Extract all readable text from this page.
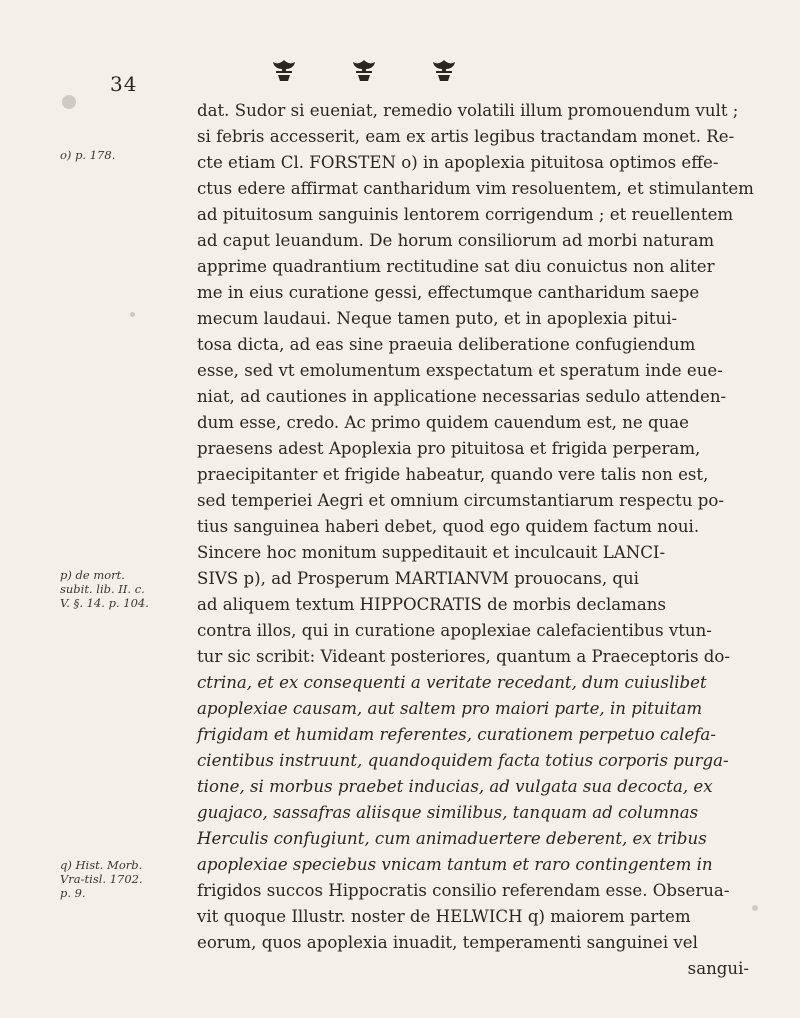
34
o) p. 178.
p) de mort. subit. lib. II. c. V. §. 14. p. 104.
q) Hist. Morb. Vra-tisl. 1702. p. 9.
dat. Sudor si eueniat, remedio volatili illum promouendum vult ;
si febris accesserit, eam ex artis legibus tractandam monet. Re-
cte etiam Cl. FORSTEN o) in apoplexia pituitosa optimos effe-
ctus edere affirmat cantharidum vim resoluentem, et stimulantem
ad pituitosum sanguinis lentorem corrigendum ; et reuellentem
ad caput leuandum. De horum consiliorum ad morbi naturam
apprime quadrantium rectitudine sat diu conuictus non aliter
me in eius curatione gessi, effectumque cantharidum saepe
mecum laudaui. Neque tamen puto, et in apoplexia pitui-
tosa dicta, ad eas sine praeuia deliberatione confugiendum
esse, sed vt emolumentum exspectatum et speratum inde eue-
niat, ad cautiones in applicatione necessarias sedulo attenden-
dum esse, credo. Ac primo quidem cauendum est, ne quae
praesens adest Apoplexia pro pituitosa et frigida perperam,
praecipitanter et frigide habeatur, quando vere talis non est,
sed temperiei Aegri et omnium circumstantiarum respectu po-
tius sanguinea haberi debet, quod ego quidem factum noui.
Sincere hoc monitum suppeditauit et inculcauit LANCI-
SIVS p), ad Prosperum MARTIANVM prouocans, qui
ad aliquem textum HIPPOCRATIS de morbis declamans
contra illos, qui in curatione apoplexiae calefacientibus vtun-
tur sic scribit: Videant posteriores, quantum a Praeceptoris do-
ctrina, et ex consequenti a veritate recedant, dum cuiuslibet
apoplexiae causam, aut saltem pro maiori parte, in pituitam
frigidam et humidam referentes, curationem perpetuo calefa-
cientibus instruunt, quandoquidem facta totius corporis purga-
tione, si morbus praebet inducias, ad vulgata sua decocta, ex
guajaco, sassafras aliisque similibus, tanquam ad columnas
Herculis confugiunt, cum animaduertere deberent, ex tribus
apoplexiae speciebus vnicam tantum et raro contingentem in
frigidos succos Hippocratis consilio referendam esse. Obserua-
vit quoque Illustr. noster de HELWICH q) maiorem partem
eorum, quos apoplexia inuadit, temperamenti sanguinei vel
sangui-
